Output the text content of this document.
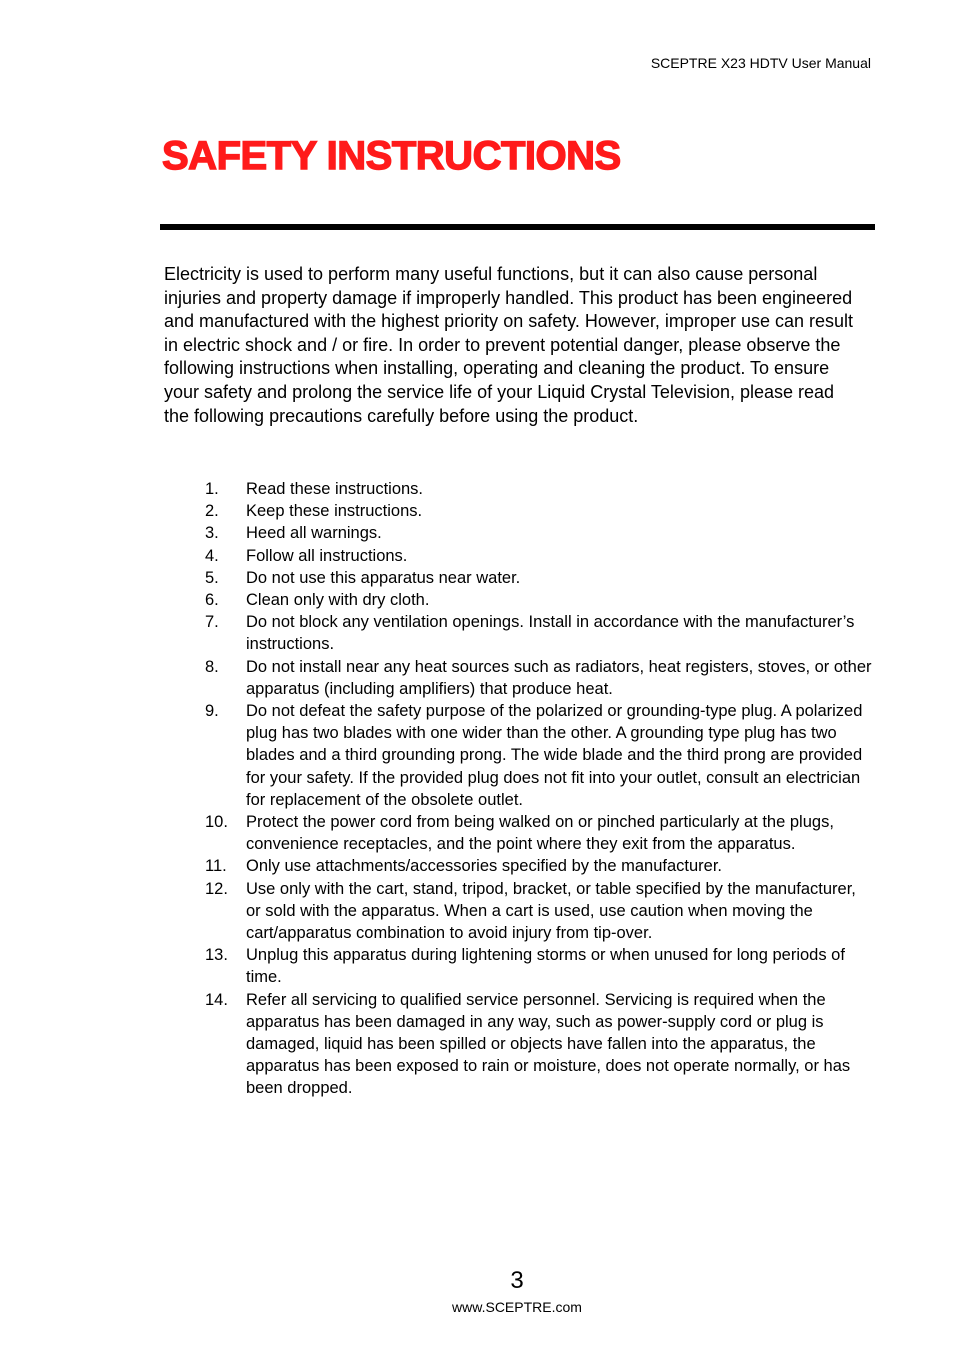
SCEPTRE X23 HDTV User Manual
SAFETY INSTRUCTIONS

Electricity is used to perform many useful functions, but it can also cause personal injuries and property damage if improperly handled. This product has been engineered and manufactured with the highest priority on safety. However, improper use can result in electric shock and / or fire. In order to prevent potential danger, please observe the following instructions when installing, operating and cleaning the product. To ensure your safety and prolong the service life of your Liquid Crystal Television, please read the following precautions carefully before using the product.

1. Read these instructions.
2. Keep these instructions.
3. Heed all warnings.
4. Follow all instructions.
5. Do not use this apparatus near water.
6. Clean only with dry cloth.
7. Do not block any ventilation openings. Install in accordance with the manufacturer’s instructions.
8. Do not install near any heat sources such as radiators, heat registers, stoves, or other apparatus (including amplifiers) that produce heat.
9. Do not defeat the safety purpose of the polarized or grounding-type plug. A polarized plug has two blades with one wider than the other. A grounding type plug has two blades and a third grounding prong. The wide blade and the third prong are provided for your safety. If the provided plug does not fit into your outlet, consult an electrician for replacement of the obsolete outlet.
10. Protect the power cord from being walked on or pinched particularly at the plugs, convenience receptacles, and the point where they exit from the apparatus.
11. Only use attachments/accessories specified by the manufacturer.
12. Use only with the cart, stand, tripod, bracket, or table specified by the manufacturer, or sold with the apparatus. When a cart is used, use caution when moving the cart/apparatus combination to avoid injury from tip-over.
13. Unplug this apparatus during lightening storms or when unused for long periods of time.
14. Refer all servicing to qualified service personnel. Servicing is required when the apparatus has been damaged in any way, such as power-supply cord or plug is damaged, liquid has been spilled or objects have fallen into the apparatus, the apparatus has been exposed to rain or moisture, does not operate normally, or has been dropped.
3
www.SCEPTRE.com
